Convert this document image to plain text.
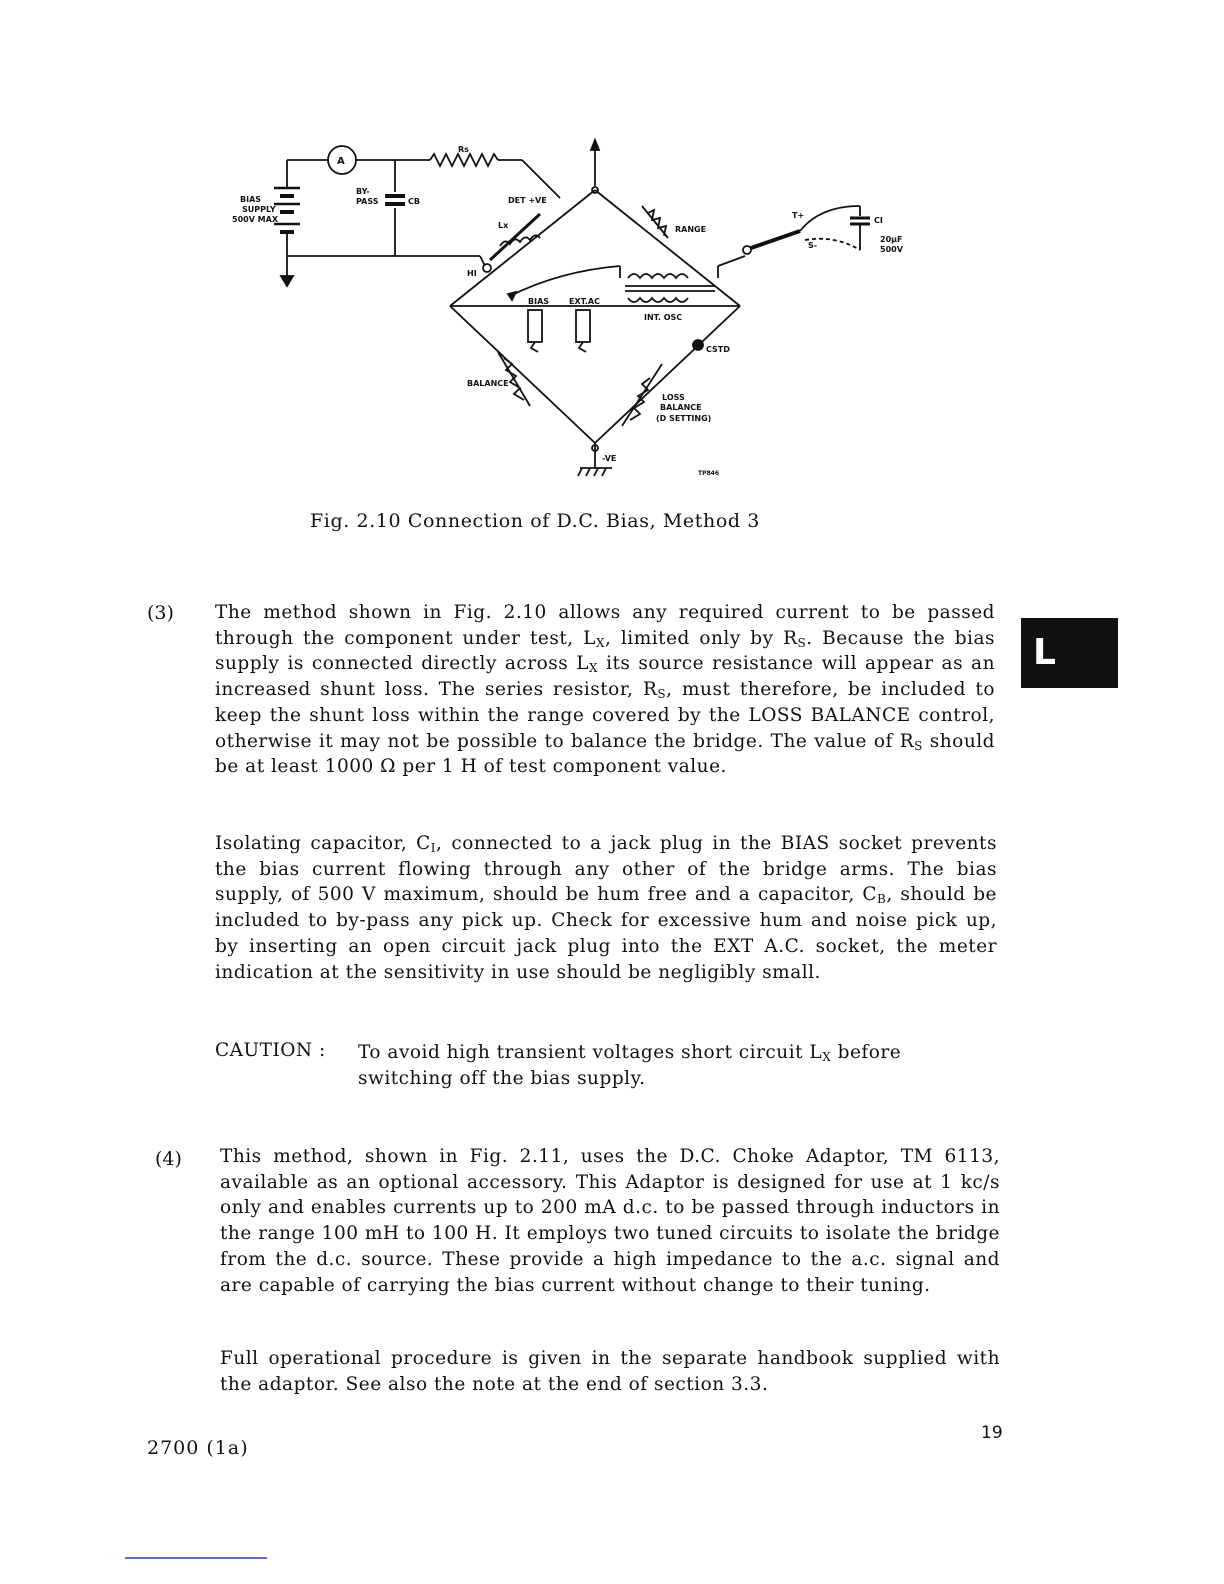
Rs
A
BIAS
SUPPLY
500V MAX
BY-
PASS	CB	DET +VE
Lx	RANGE
HI
BIAS EXT.AC
INT. OSC
CSTD
BALANCE
LOSS
BALANCE
(D SETTING)
-VE
TP846
T+
S-
CI
20μF
500V
Fig. 2.10 Connection of D.C. Bias, Method 3
L
(3) The method shown in Fig. 2.10 allows any required current to be passed through the component under test, $L_X$, limited only by $R_S$. Because the bias supply is connected directly across $L_X$ its source resistance will appear as an increased shunt loss. The series resistor, $R_S$, must therefore, be included to keep the shunt loss within the range covered by the LOSS BALANCE control, otherwise it may not be possible to balance the bridge. The value of $R_S$ should be at least 1000 Ω per 1 H of test component value.

Isolating capacitor, $C_I$, connected to a jack plug in the BIAS socket prevents the bias current flowing through any other of the bridge arms. The bias supply, of 500 V maximum, should be hum free and a capacitor, $C_B$, should be included to by-pass any pick up. Check for excessive hum and noise pick up, by inserting an open circuit jack plug into the EXT A.C. socket, the meter indication at the sensitivity in use should be negligibly small.

CAUTION : To avoid high transient voltages short circuit $L_X$ before switching off the bias supply.

(4) This method, shown in Fig. 2.11, uses the D.C. Choke Adaptor, TM 6113, available as an optional accessory. This Adaptor is designed for use at 1 kc/s only and enables currents up to 200 mA d.c. to be passed through inductors in the range 100 mH to 100 H. It employs two tuned circuits to isolate the bridge from the d.c. source. These provide a high impedance to the a.c. signal and are capable of carrying the bias current without change to their tuning.

Full operational procedure is given in the separate handbook supplied with the adaptor. See also the note at the end of section 3.3.

2700 (1a)
19
